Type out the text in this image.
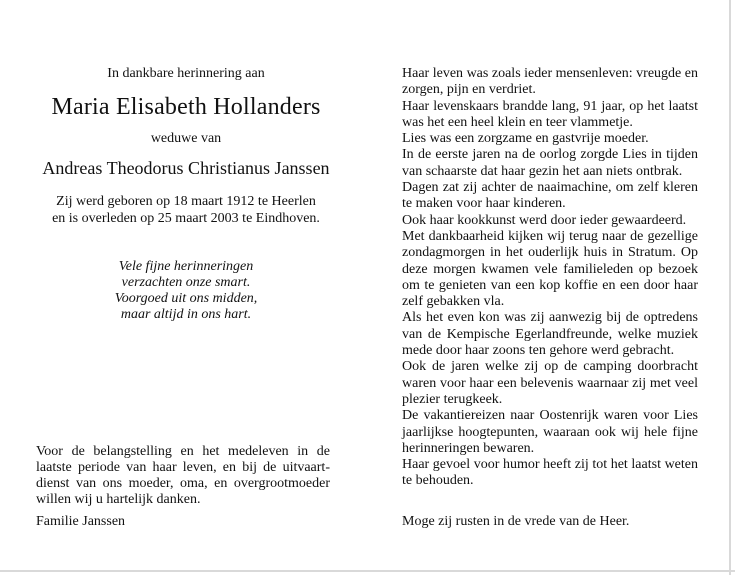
In dankbare herinnering aan

Maria Elisabeth Hollanders

weduwe van

Andreas Theodorus Christianus Janssen

Zij werd geboren op 18 maart 1912 te Heerlen
en is overleden op 25 maart 2003 te Eindhoven.
Vele fijne herinneringen
verzachten onze smart.
Voorgoed uit ons midden,
maar altijd in ons hart.

Voor de belangstelling en het medeleven in de laatste periode van haar leven, en bij de uitvaart-dienst van ons moeder, oma, en overgrootmoeder willen wij u hartelijk danken.

Familie Janssen

Haar leven was zoals ieder mensenleven: vreugde en zorgen, pijn en verdriet.

Haar levenskaars brandde lang, 91 jaar, op het laatst was het een heel klein en teer vlammetje.

Lies was een zorgzame en gastvrije moeder.

In de eerste jaren na de oorlog zorgde Lies in tijden van schaarste dat haar gezin het aan niets ontbrak.

Dagen zat zij achter de naaimachine, om zelf kleren te maken voor haar kinderen.

Ook haar kookkunst werd door ieder gewaardeerd.

Met dankbaarheid kijken wij terug naar de gezellige zondagmorgen in het ouderlijk huis in Stratum. Op deze morgen kwamen vele familieleden op bezoek om te genieten van een kop koffie en een door haar zelf gebakken vla.

Als het even kon was zij aanwezig bij de optredens van de Kempische Egerlandfreunde, welke muziek mede door haar zoons ten gehore werd gebracht.

Ook de jaren welke zij op de camping doorbracht waren voor haar een belevenis waarnaar zij met veel plezier terugkeek.

De vakantiereizen naar Oostenrijk waren voor Lies jaarlijkse hoogtepunten, waaraan ook wij hele fijne herinneringen bewaren.

Haar gevoel voor humor heeft zij tot het laatst weten te behouden.

Moge zij rusten in de vrede van de Heer.
